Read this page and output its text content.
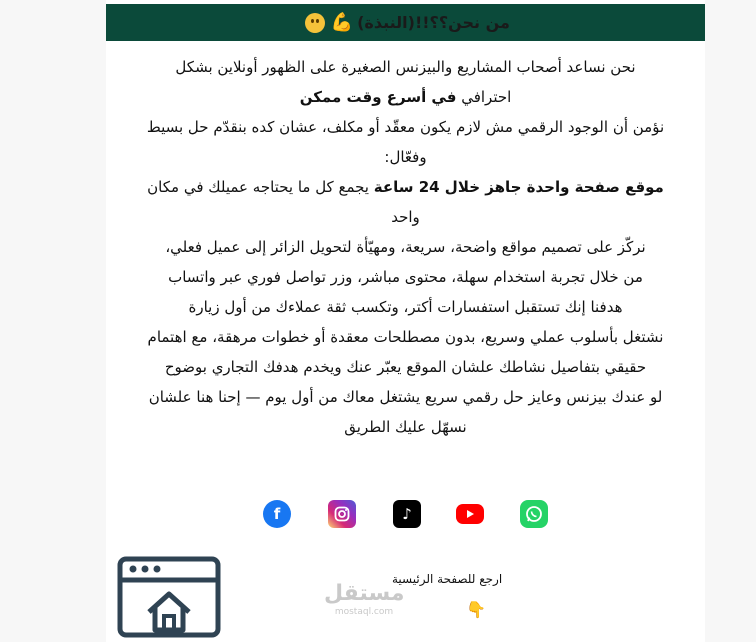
من نحن؟؟!!(النبذة)
💪

نحن نساعد أصحاب المشاريع والبيزنس الصغيرة على الظهور أونلاين بشكل

احترافي في أسرع وقت ممكن

نؤمن أن الوجود الرقمي مش لازم يكون معقّد أو مكلف، عشان كده بنقدّم حل بسيط

وفعّال:

موقع صفحة واحدة جاهز خلال 24 ساعة يجمع كل ما يحتاجه عميلك في مكان

واحد

نركّز على تصميم مواقع واضحة، سريعة، ومهيّأة لتحويل الزائر إلى عميل فعلي،

من خلال تجربة استخدام سهلة، محتوى مباشر، وزر تواصل فوري عبر واتساب

هدفنا إنك تستقبل استفسارات أكتر، وتكسب ثقة عملاءك من أول زيارة

نشتغل بأسلوب عملي وسريع، بدون مصطلحات معقدة أو خطوات مرهقة، مع اهتمام

حقيقي بتفاصيل نشاطك علشان الموقع يعبّر عنك ويخدم هدفك التجاري بوضوح

لو عندك بيزنس وعايز حل رقمي سريع يشتغل معاك من أول يوم — إحنا هنا علشان

نسهّل عليك الطريق

f	♪
مستقل
mostaql.com
ارجع للصفحة الرئيسية
👇
